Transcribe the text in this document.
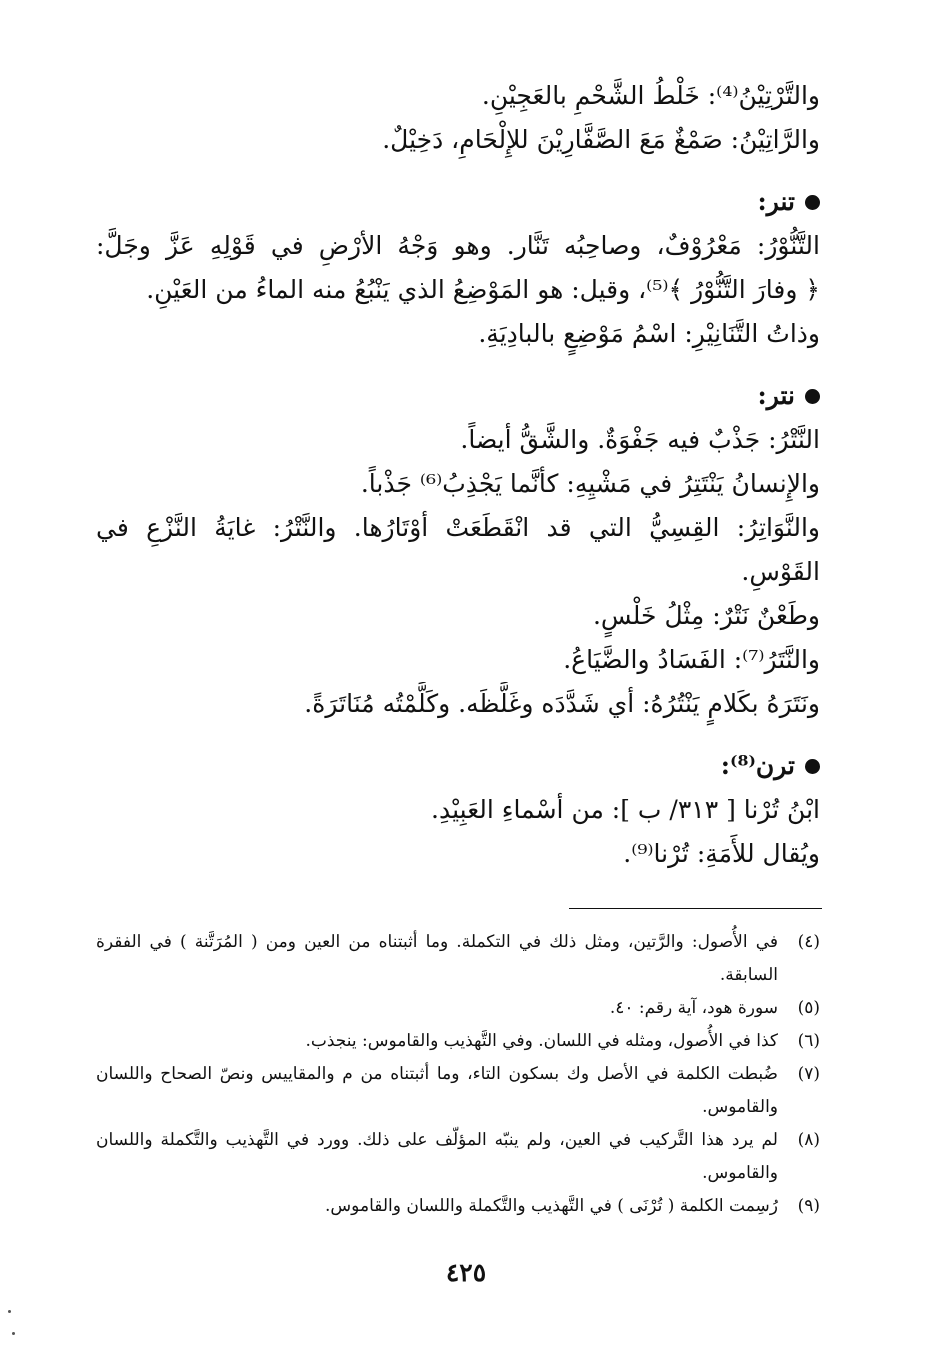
والتَّرْتِيْنُ⁽⁴⁾: خَلْطُ الشَّحْمِ بالعَجِيْنِ.
والرَّاتِيْنُ: صَمْغٌ مَعَ الصَّفَّارِيْنَ للإِلْحَامِ، دَخِيْلٌ.
تنر:
التَّنُّوْرُ: مَعْرُوْفٌ، وصاحِبُه تَنَّار. وهو وَجْهُ الأرْضِ في قَوْلِهِ عَزَّ وجَلَّ:
﴿ وفارَ التَّنُّوْرُ ﴾⁽⁵⁾، وقيل: هو المَوْضِعُ الذي يَنْبُعُ منه الماءُ من العَيْنِ.
وذاتُ التَّنَانِيْرِ: اسْمُ مَوْضِعٍ بالبادِيَةِ.
نتر:
النَّتْرُ: جَذْبٌ فيه جَفْوَةٌ. والشَّقُّ أيضاً.
والإِنسانُ يَنْتَتِرُ في مَشْيِهِ: كأنَّما يَجْذِبُ⁽⁶⁾ جَذْباً.
والنَّوَاتِرُ: القِسِيُّ التي قد انْقَطَعَتْ أوْتَارُها. والنَّتْرُ: غايَةُ النَّزْعِ في
القَوْسِ.
وطَعْنٌ نَتْرٌ: مِثْلُ خَلْسٍ.
والنَّتَرُ⁽⁷⁾: الفَسَادُ والضَّيَاعُ.
ونَتَرَهُ بكَلامٍ يَنْتُرُهُ: أي شَدَّدَه وغَلَّظَه. وكَلَّمْتُه مُنَاتَرَةً.
ترن⁽⁸⁾:
ابْنُ تُرْنا [ ٣١٣/ ب ]: من أسْماءِ العَبِيْدِ.
ويُقال للأَمَةِ: تُرْنا⁽⁹⁾.
(٤)
في الأُصول: والرَّتين، ومثل ذلك في التكملة. وما أثبتناه من العين ومن ( المُرَتَّنة ) في الفقرة السابقة.
(٥)
سورة هود، آية رقم: ٤٠.
(٦)
كذا في الأُصول، ومثله في اللسان. وفي التَّهذيب والقاموس: ينجذب.
(٧)
ضُبطت الكلمة في الأصل وك بسكون التاء، وما أثبتناه من م والمقاييس ونصّ الصحاح واللسان والقاموس.
(٨)
لم يرد هذا التَّركيب في العين، ولم ينبّه المؤلّف على ذلك. وورد في التَّهذيب والتَّكملة واللسان والقاموس.
(٩)
رُسِمت الكلمة ( تُرْنَى ) في التَّهذيب والتَّكملة واللسان والقاموس.
٤٢٥
